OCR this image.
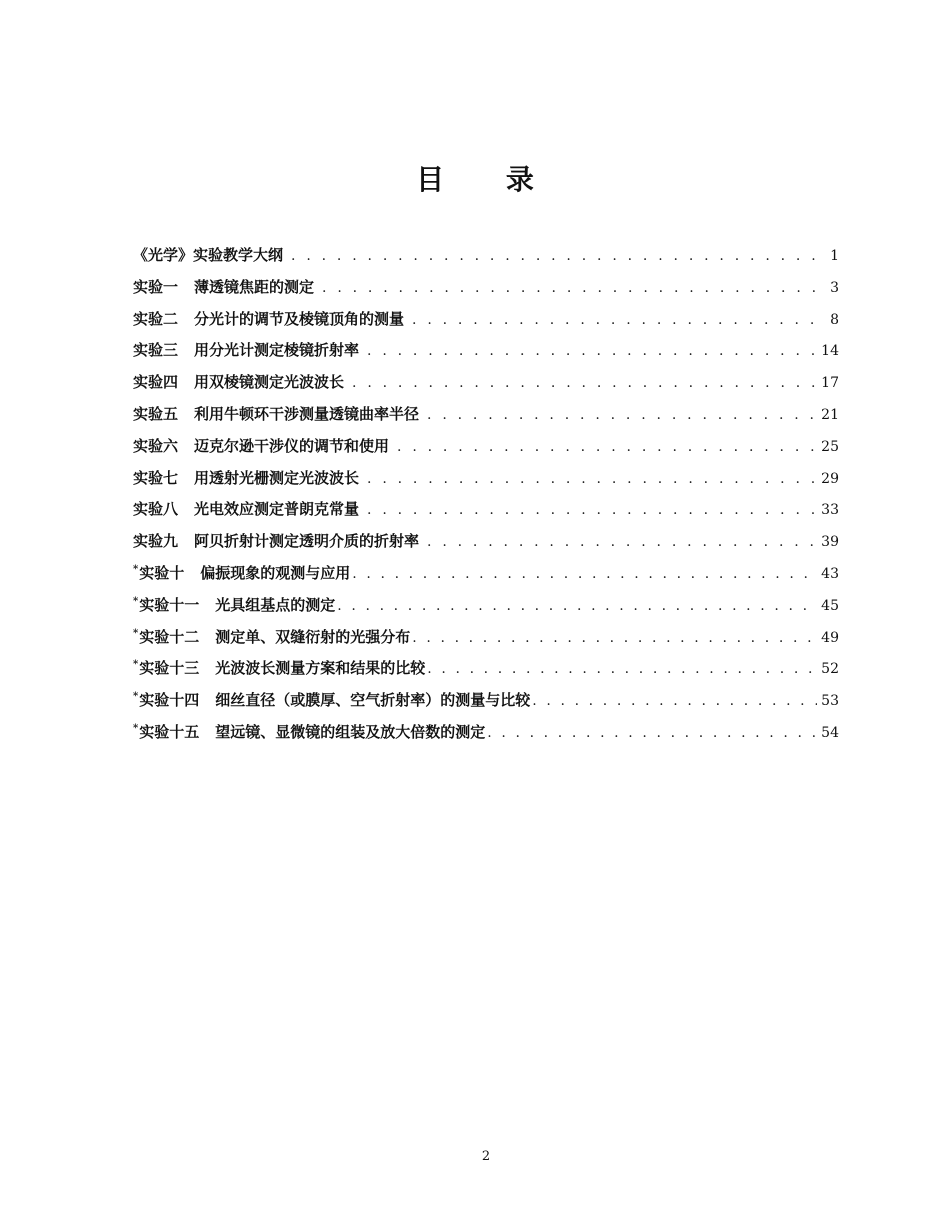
目 录
《光学》实验教学大纲 . . .	1
实验一 薄透镜焦距的测定 . . .	3
实验二 分光计的调节及棱镜顶角的测量 . . .	8
实验三 用分光计测定棱镜折射率 . . .	14
实验四 用双棱镜测定光波波长 . . .	17
实验五 利用牛顿环干涉测量透镜曲率半径 . . .	21
实验六 迈克尔逊干涉仪的调节和使用 . . .	25
实验七 用透射光栅测定光波波长 . . .	29
实验八 光电效应测定普朗克常量 . . .	33
实验九 阿贝折射计测定透明介质的折射率 . . .	39
* 实验十 偏振现象的观测与应用 . . .	43
* 实验十一 光具组基点的测定 . . .	45
* 实验十二 测定单、双缝衍射的光强分布 . . .	49
* 实验十三 光波波长测量方案和结果的比较 . . .	52
* 实验十四 细丝直径（或膜厚、空气折射率）的测量与比较 . . .	53
* 实验十五 望远镜、显微镜的组装及放大倍数的测定 . . .	54
2
